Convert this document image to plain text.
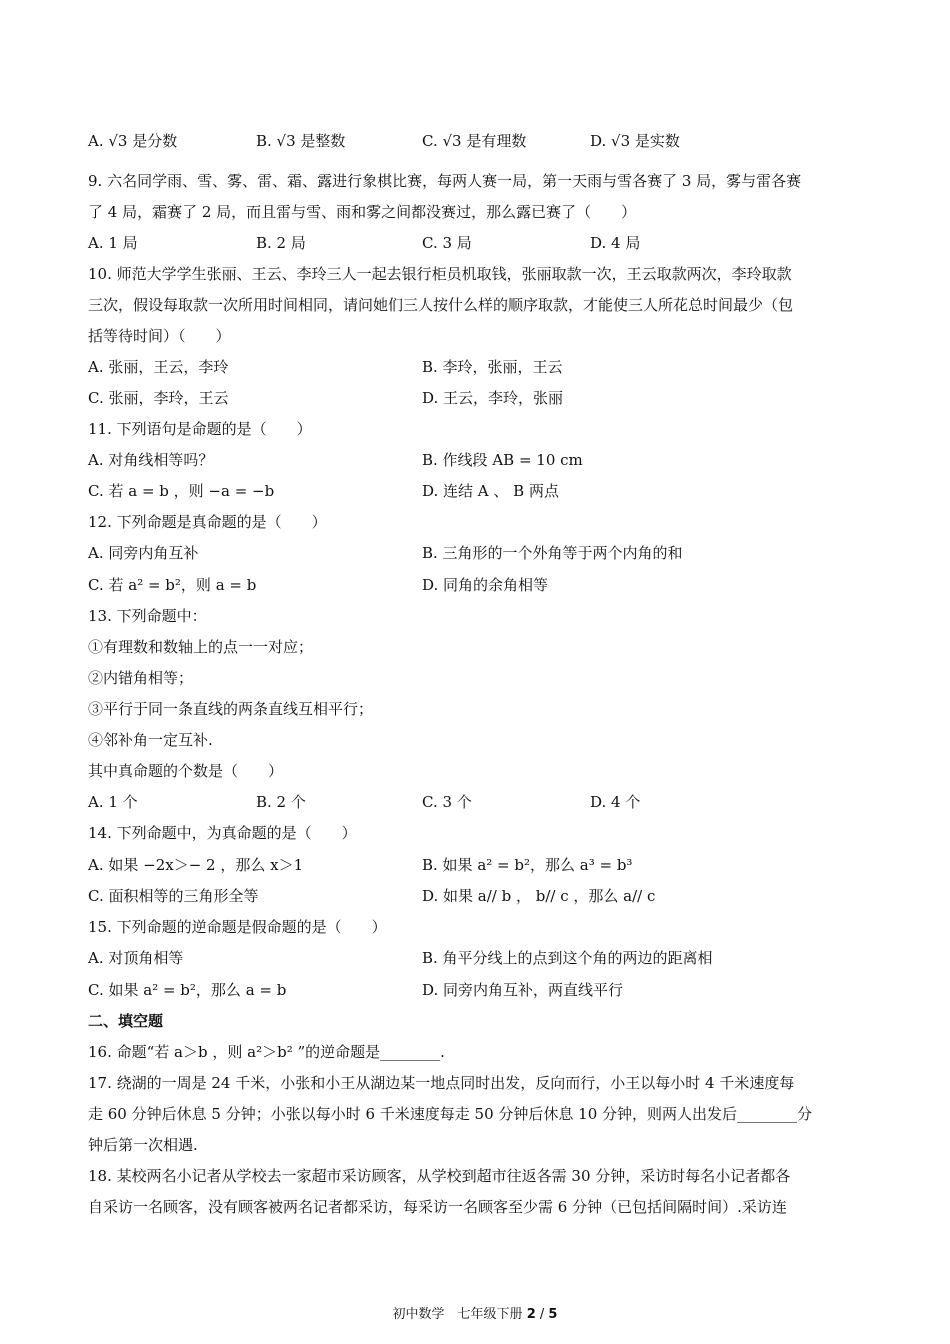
A. √3 是分数	B. √3 是整数	C. √3 是有理数	D. √3 是实数
9. 六名同学雨、雪、雾、雷、霜、露进行象棋比赛，每两人赛一局，第一天雨与雪各赛了 3 局，雾与雷各赛
了 4 局，霜赛了 2 局，而且雷与雪、雨和雾之间都没赛过，那么露已赛了（　　）
A. 1 局	B. 2 局	C. 3 局	D. 4 局
10. 师范大学学生张丽、王云、李玲三人一起去银行柜员机取钱，张丽取款一次，王云取款两次，李玲取款
三次，假设每取款一次所用时间相同，请问她们三人按什么样的顺序取款，才能使三人所花总时间最少（包
括等待时间）（　　）
A. 张丽，王云，李玲	B. 李玲，张丽，王云
C. 张丽，李玲，王云	D. 王云，李玲，张丽
11. 下列语句是命题的是（　　）
A. 对角线相等吗？	B. 作线段 AB = 10 cm
C. 若 a = b ，则 −a = −b	D. 连结 A 、 B 两点
12. 下列命题是真命题的是（　　）
A. 同旁内角互补	B. 三角形的一个外角等于两个内角的和
C. 若 a² = b²，则 a = b	D. 同角的余角相等
13. 下列命题中：
①有理数和数轴上的点一一对应；
②内错角相等；
③平行于同一条直线的两条直线互相平行；
④邻补角一定互补.
其中真命题的个数是（　　）
A. 1 个	B. 2 个	C. 3 个	D. 4 个
14. 下列命题中，为真命题的是（　　）
A. 如果 −2x＞− 2 ，那么 x＞1	B. 如果 a² = b²，那么 a³ = b³
C. 面积相等的三角形全等	D. 如果 a// b ， b// c ，那么 a// c
15. 下列命题的逆命题是假命题的是（　　）
A. 对顶角相等	B. 角平分线上的点到这个角的两边的距离相
C. 如果 a² = b²，那么 a = b	D. 同旁内角互补，两直线平行
二、填空题
16. 命题“若 a＞b ，则 a²＞b² ”的逆命题是________.
17. 绕湖的一周是 24 千米，小张和小王从湖边某一地点同时出发，反向而行，小王以每小时 4 千米速度每
走 60 分钟后休息 5 分钟；小张以每小时 6 千米速度每走 50 分钟后休息 10 分钟，则两人出发后________分
钟后第一次相遇.
18. 某校两名小记者从学校去一家超市采访顾客，从学校到超市往返各需 30 分钟，采访时每名小记者都各
自采访一名顾客，没有顾客被两名记者都采访，每采访一名顾客至少需 6 分钟（已包括间隔时间）.采访连
初中数学　七年级下册 2 / 5
